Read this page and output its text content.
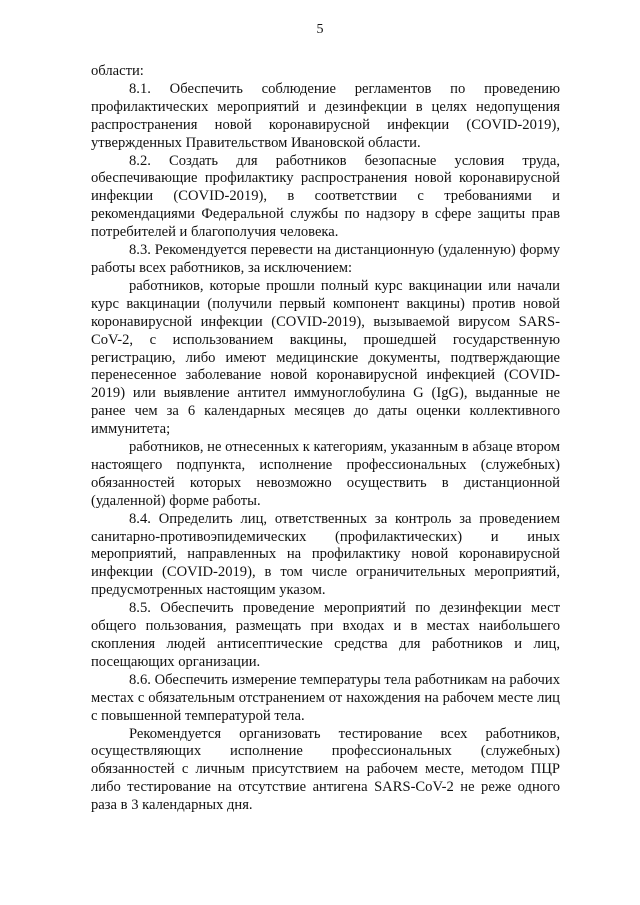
5

области:

8.1. Обеспечить соблюдение регламентов по проведению профилактических мероприятий и дезинфекции в целях недопущения распространения новой коронавирусной инфекции (COVID-2019), утвержденных Правительством Ивановской области.

8.2. Создать для работников безопасные условия труда, обеспечивающие профилактику распространения новой коронавирусной инфекции (COVID-2019), в соответствии с требованиями и рекомендациями Федеральной службы по надзору в сфере защиты прав потребителей и благополучия человека.

8.3. Рекомендуется перевести на дистанционную (удаленную) форму работы всех работников, за исключением:

работников, которые прошли полный курс вакцинации или начали курс вакцинации (получили первый компонент вакцины) против новой коронавирусной инфекции (COVID-2019), вызываемой вирусом SARS-CoV-2, с использованием вакцины, прошедшей государственную регистрацию, либо имеют медицинские документы, подтверждающие перенесенное заболевание новой коронавирусной инфекцией (COVID-2019) или выявление антител иммуноглобулина G (IgG), выданные не ранее чем за 6 календарных месяцев до даты оценки коллективного иммунитета;

работников, не отнесенных к категориям, указанным в абзаце втором настоящего подпункта, исполнение профессиональных (служебных) обязанностей которых невозможно осуществить в дистанционной (удаленной) форме работы.

8.4. Определить лиц, ответственных за контроль за проведением санитарно-противоэпидемических (профилактических) и иных мероприятий, направленных на профилактику новой коронавирусной инфекции (COVID-2019), в том числе ограничительных мероприятий, предусмотренных настоящим указом.

8.5. Обеспечить проведение мероприятий по дезинфекции мест общего пользования, размещать при входах и в местах наибольшего скопления людей антисептические средства для работников и лиц, посещающих организации.

8.6. Обеспечить измерение температуры тела работникам на рабочих местах с обязательным отстранением от нахождения на рабочем месте лиц с повышенной температурой тела.

Рекомендуется организовать тестирование всех работников, осуществляющих исполнение профессиональных (служебных) обязанностей с личным присутствием на рабочем месте, методом ПЦР либо тестирование на отсутствие антигена SARS-CoV-2 не реже одного раза в 3 календарных дня.
